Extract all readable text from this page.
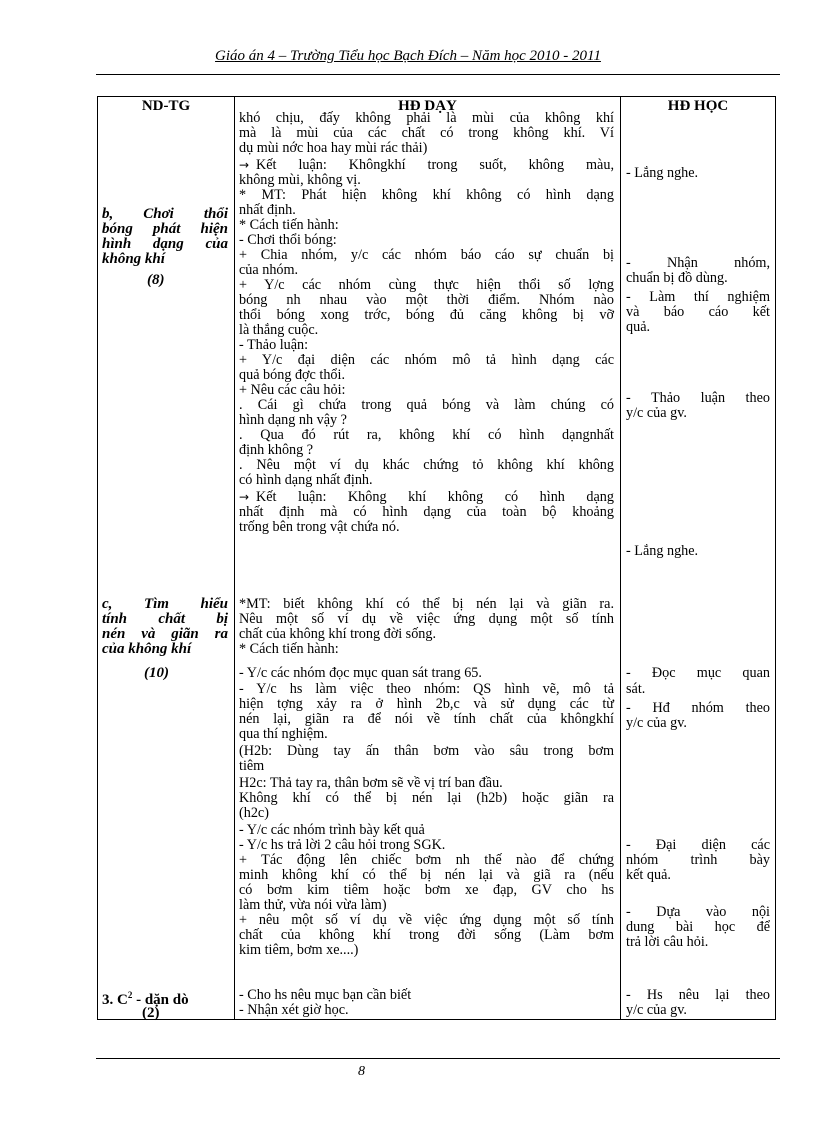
Giáo án 4 – Trường Tiểu học Bạch Đích – Năm học 2010 - 2011
ND-TG	HĐ DẠY	HĐ HỌC
b, Chơi thổi
bóng phát hiện
hình dạng của
không khí
(8)
c, Tìm hiểu
tính chất bị
nén và giãn ra
của không khí
(10)
3. $C^2$ - dặn dò
(2)
khó chịu, đấy không phải là mùi của không khí
mà là mùi của các chất có trong không khí. Ví
dụ mùi nớc hoa hay mùi rác thải)
→ Kết luận: Khôngkhí trong suốt, không màu,
không mùi, không vị.
* MT: Phát hiện không khí không có hình dạng
nhất định.
* Cách tiến hành:
- Chơi thổi bóng:
+ Chia nhóm, y/c các nhóm báo cáo sự chuẩn bị
của nhóm.
+ Y/c các nhóm cùng thực hiện thổi số lợng
bóng nh nhau vào một thời điểm. Nhóm nào
thổi bóng xong trớc, bóng đủ căng không bị vỡ
là thắng cuộc.
- Thảo luận:
+ Y/c đại diện các nhóm mô tả hình dạng các
quả bóng đợc thổi.
+ Nêu các câu hỏi:
. Cái gì chứa trong quả bóng và làm chúng có
hình dạng nh vậy ?
. Qua đó rút ra, không khí có hình dạngnhất
định không ?
. Nêu một ví dụ khác chứng tỏ không khí không
có hình dạng nhất định.
→ Kết luận: Không khí không có hình dạng
nhất định mà có hình dạng của toàn bộ khoảng
trống bên trong vật chứa nó.
*MT: biết không khí có thể bị nén lại và giãn ra.
Nêu một số ví dụ về việc ứng dụng một số tính
chất của không khí trong đời sống.
* Cách tiến hành:
- Y/c các nhóm đọc mục quan sát trang 65.
- Y/c hs làm việc theo nhóm: QS hình vẽ, mô tả
hiện tợng xảy ra ở hình 2b,c và sử dụng các từ
nén lại, giãn ra để nói về tính chất của khôngkhí
qua thí nghiệm.
(H2b: Dùng tay ấn thân bơm vào sâu trong bơm
tiêm
H2c: Thả tay ra, thân bơm sẽ về vị trí ban đầu.
Không khí có thể bị nén lại (h2b) hoặc giãn ra
(h2c)
- Y/c các nhóm trình bày kết quả
- Y/c hs trả lời 2 câu hỏi trong SGK.
+ Tác động lên chiếc bơm nh thế nào để chứng
minh không khí có thể bị nén lại và giã ra (nếu
có bơm kim tiêm hoặc bơm xe đạp, GV cho hs
làm thử, vừa nói vừa làm)
+ nêu một số ví dụ về việc ứng dụng một số tính
chất của không khí trong đời sống (Làm bơm
kim tiêm, bơm xe....)
- Cho hs nêu mục bạn cần biết
- Nhận xét giờ học.
- Lắng nghe.
- Nhận nhóm,
chuẩn bị đồ dùng.
- Làm thí nghiệm
và báo cáo kết
quả.
- Thảo luận theo
y/c của gv.
- Lắng nghe.
- Đọc mục quan
sát.
- Hđ nhóm theo
y/c của gv.
- Đại diện các
nhóm trình bày
kết quả.
- Dựa vào nội
dung bài học để
trả lời câu hỏi.
- Hs nêu lại theo
y/c của gv.
8
